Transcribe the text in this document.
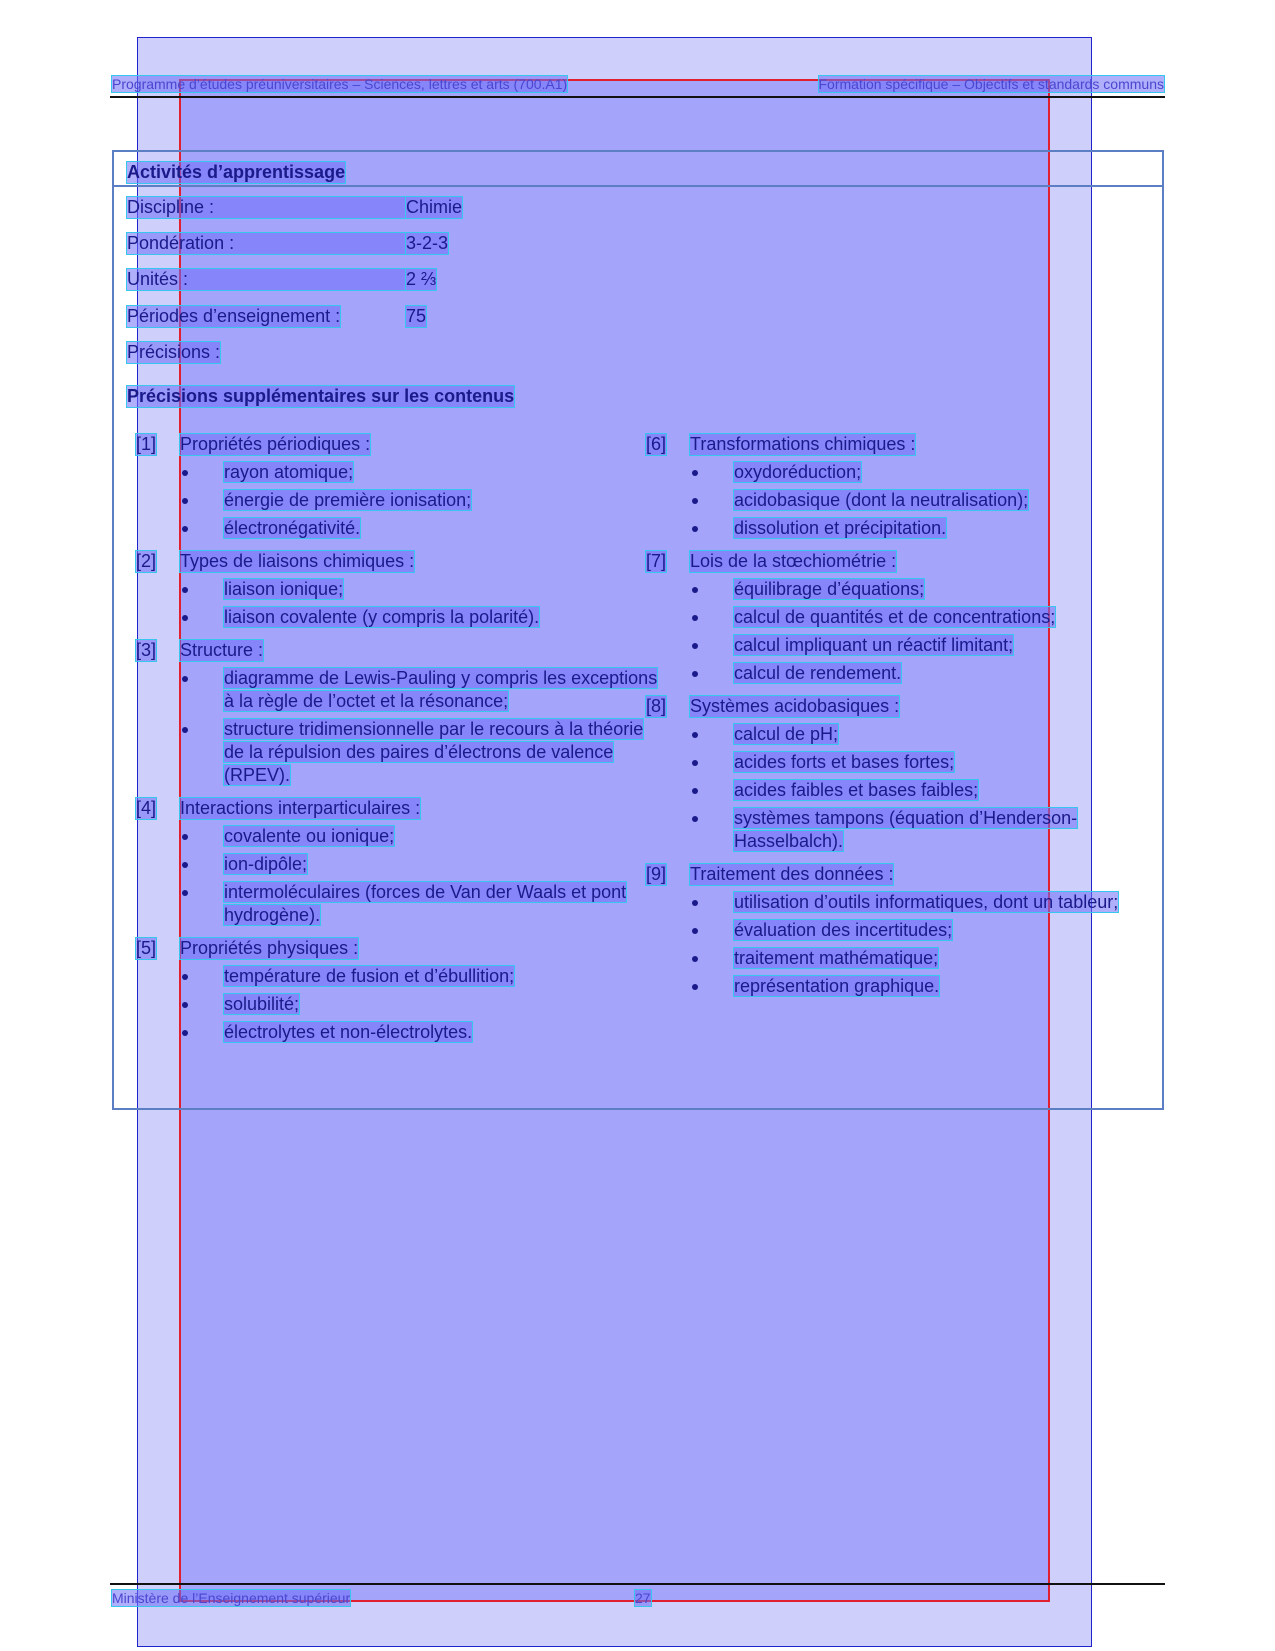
Programme d’études préuniversitaires – Sciences, lettres et arts (700.A1)	Formation spécifique – Objectifs et standards communs
Activités d’apprentissage
Discipline :	Chimie
Pondération :	3-2-3
Unités :	2 ⅔
Périodes d’enseignement :	75
Précisions :
Précisions supplémentaires sur les contenus
[1] Propriétés périodiques :
rayon atomique;
énergie de première ionisation;
électronégativité.
[2] Types de liaisons chimiques :
liaison ionique;
liaison covalente (y compris la polarité).
[3] Structure :
diagramme de Lewis-Pauling y compris les exceptions à la règle de l’octet et la résonance;
structure tridimensionnelle par le recours à la théorie de la répulsion des paires d’électrons de valence (RPEV).
[4] Interactions interparticulaires :
covalente ou ionique;
ion-dipôle;
intermoléculaires (forces de Van der Waals et pont hydrogène).
[5] Propriétés physiques :
température de fusion et d’ébullition;
solubilité;
électrolytes et non-électrolytes.
[6] Transformations chimiques :
oxydoréduction;
acidobasique (dont la neutralisation);
dissolution et précipitation.
[7] Lois de la stœchiométrie :
équilibrage d’équations;
calcul de quantités et de concentrations;
calcul impliquant un réactif limitant;
calcul de rendement.
[8] Systèmes acidobasiques :
calcul de pH;
acides forts et bases fortes;
acides faibles et bases faibles;
systèmes tampons (équation d’Henderson-Hasselbalch).
[9] Traitement des données :
utilisation d’outils informatiques, dont un tableur;
évaluation des incertitudes;
traitement mathématique;
représentation graphique.
Ministère de l’Enseignement supérieur	27
